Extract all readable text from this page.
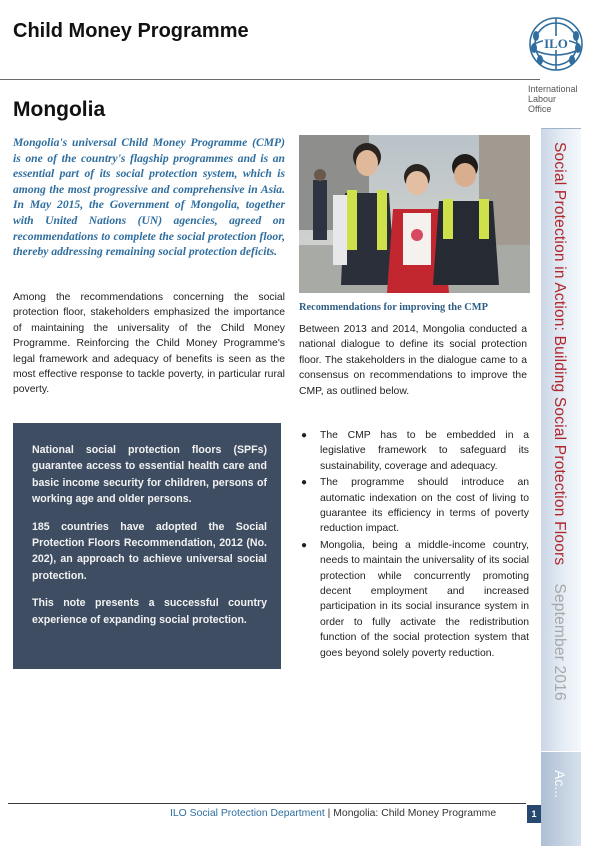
Child Money Programme
ILO
International
Labour
Office
Mongolia
Mongolia's universal Child Money Programme (CMP) is one of the country's flagship programmes and is an essential part of its social protection system, which is among the most progressive and comprehensive in Asia. In May 2015, the Government of Mongolia, together with United Nations (UN) agencies, agreed on recommendations to complete the social protection floor, thereby addressing remaining social protection deficits.
Among the recommendations concerning the social protection floor, stakeholders emphasized the importance of maintaining the universality of the Child Money Programme. Reinforcing the Child Money Programme's legal framework and adequacy of benefits is seen as the most effective response to tackle poverty, in particular rural poverty.

National social protection floors (SPFs) guarantee access to essential health care and basic income security for children, persons of working age and older persons.

185 countries have adopted the Social Protection Floors Recommendation, 2012 (No. 202), an approach to achieve universal social protection.

This note presents a successful country experience of expanding social protection.

Recommendations for improving the CMP
Between 2013 and 2014, Mongolia conducted a national dialogue to define its social protection floor. The stakeholders in the dialogue came to a consensus on recommendations to improve the CMP, as outlined below.
● The CMP has to be embedded in a legislative framework to safeguard its sustainability, coverage and adequacy.
● The programme should introduce an automatic indexation on the cost of living to guarantee its efficiency in terms of poverty reduction impact.
● Mongolia, being a middle-income country, needs to maintain the universality of its social protection while concurrently promoting decent employment and increased participation in its social insurance system in order to fully activate the redistribution function of the social protection system that goes beyond solely poverty reduction.
Social Protection in Action: Building Social Protection Floors    September 2016
Ac...
ILO Social Protection Department | Mongolia: Child Money Programme	1
